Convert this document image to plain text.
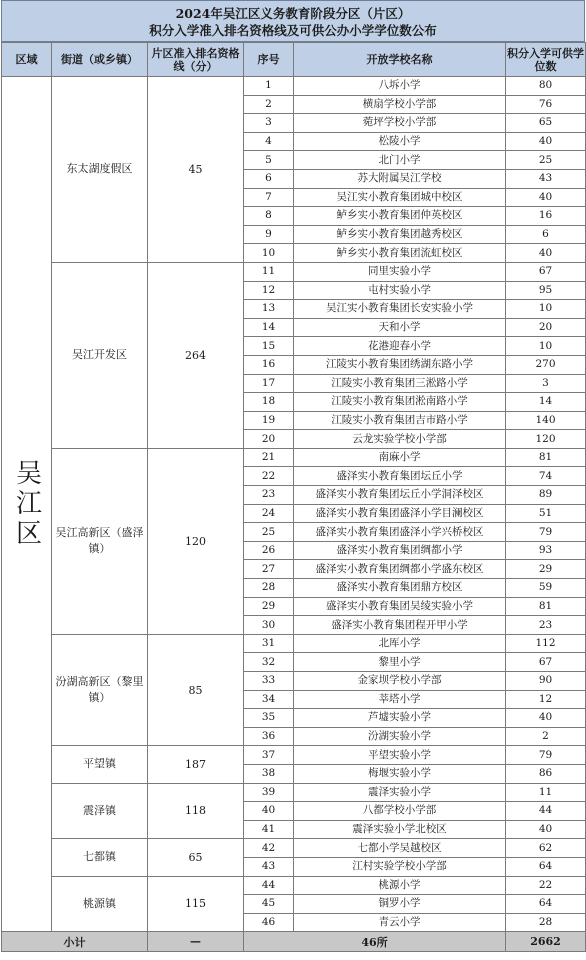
2024年吴江区义务教育阶段分区（片区）
积分入学准入排名资格线及可供公办小学学位数公布
区域	街道（或乡镇）	片区准入排名资格线（分）	序号	开放学校名称	积分入学可供学位数
吴江区	东太湖度假区	45	1	八坼小学	80
			2	横扇学校小学部	76
			3	菀坪学校小学部	65
			4	松陵小学	40
			5	北门小学	25
			6	苏大附属吴江学校	43
			7	吴江实小教育集团城中校区	40
			8	鲈乡实小教育集团仲英校区	16
			9	鲈乡实小教育集团越秀校区	6
			10	鲈乡实小教育集团流虹校区	40
	吴江开发区	264	11	同里实验小学	67
			12	屯村实验小学	95
			13	吴江实小教育集团长安实验小学	10
			14	天和小学	20
			15	花港迎春小学	10
			16	江陵实小教育集团绣湖东路小学	270
			17	江陵实小教育集团三淞路小学	3
			18	江陵实小教育集团淞南路小学	14
			19	江陵实小教育集团吉市路小学	140
			20	云龙实验学校小学部	120
	吴江高新区（盛泽镇）	120	21	南麻小学	81
			22	盛泽实小教育集团坛丘小学	74
			23	盛泽实小教育集团坛丘小学洞泽校区	89
			24	盛泽实小教育集团盛泽小学目澜校区	51
			25	盛泽实小教育集团盛泽小学兴桥校区	79
			26	盛泽实小教育集团绸都小学	93
			27	盛泽实小教育集团绸都小学盛东校区	29
			28	盛泽实小教育集团鼎方校区	59
			29	盛泽实小教育集团吴绫实验小学	81
			30	盛泽实小教育集团程开甲小学	23
	汾湖高新区（黎里镇）	85	31	北厍小学	112
			32	黎里小学	67
			33	金家坝学校小学部	90
			34	莘塔小学	12
			35	芦墟实验小学	40
			36	汾湖实验小学	2
	平望镇	187	37	平望实验小学	79
			38	梅堰实验小学	86
	震泽镇	118	39	震泽实验小学	11
			40	八都学校小学部	44
			41	震泽实验小学北校区	40
	七都镇	65	42	七都小学吴越校区	62
			43	江村实验学校小学部	64
	桃源镇	115	44	桃源小学	22
			45	铜罗小学	64
			46	青云小学	28
小计		—	46所		2662
